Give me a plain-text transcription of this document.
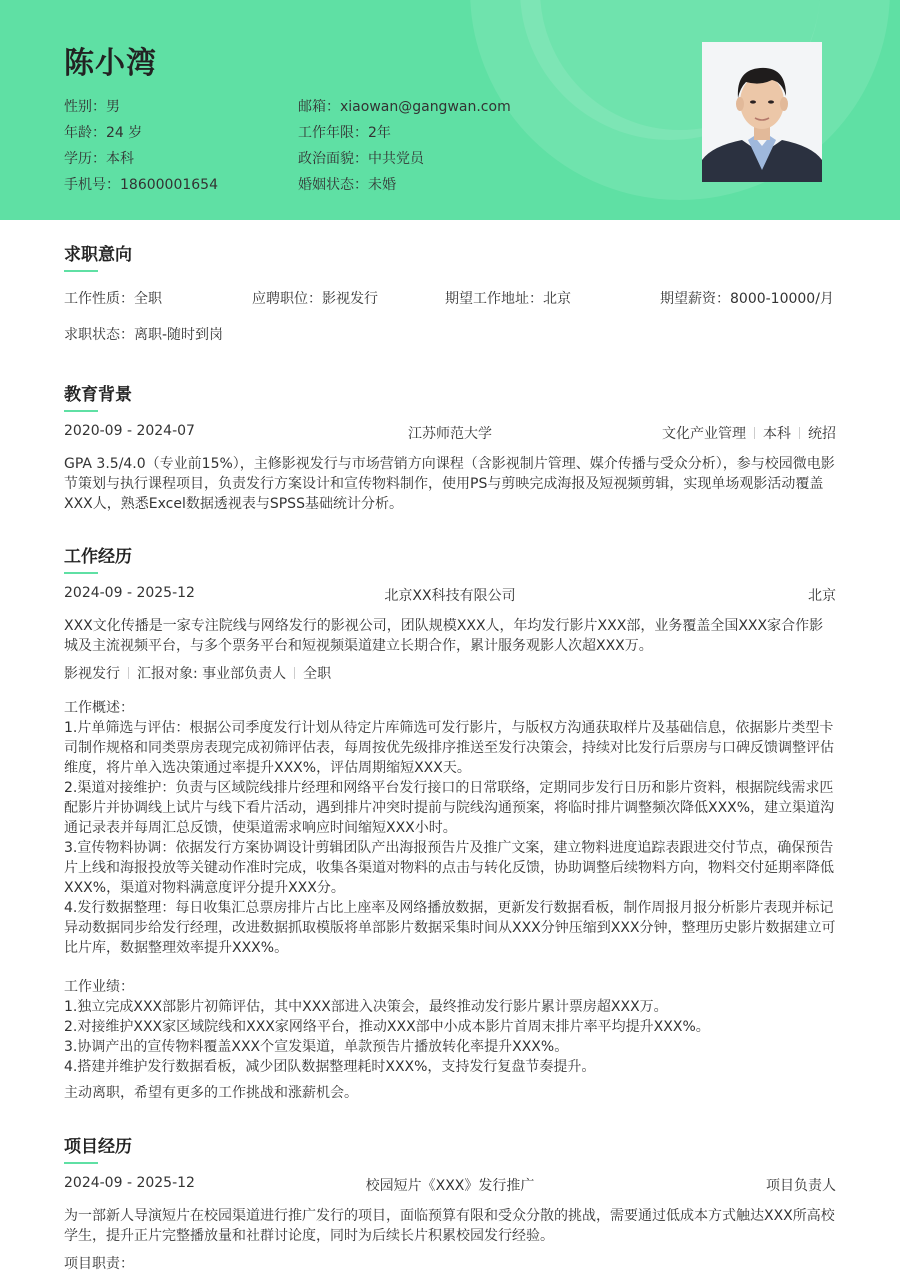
陈小湾
性别 ： 男	邮箱 ： xiaowan@gangwan.com
年龄 ： 24 岁	工作年限 ： 2年
学历 ： 本科	政治面貌 ： 中共党员
手机号 ： 18600001654	婚姻状态 ： 未婚
求职意向
工作性质 ： 全职	应聘职位 ： 影视发行	期望工作地址 ： 北京	期望薪资 ： 8000-10000/月
求职状态 ： 离职-随时到岗
教育背景
2020-09 - 2024-07	江苏师范大学	文化产业管理 本科 统招
GPA 3.5/4.0（专业前15%），主修影视发行与市场营销方向课程（含影视制片管理、媒介传播与受众分析），参与校园微电影节策划与执行课程项目，负责发行方案设计和宣传物料制作，使用PS与剪映完成海报及短视频剪辑，实现单场观影活动覆盖XXX人，熟悉Excel数据透视表与SPSS基础统计分析。
工作经历
2024-09 - 2025-12	北京XX科技有限公司	北京
XXX文化传播是一家专注院线与网络发行的影视公司，团队规模XXX人，年均发行影片XXX部，业务覆盖全国XXX家合作影城及主流视频平台，与多个票务平台和短视频渠道建立长期合作，累计服务观影人次超XXX万。
影视发行 汇报对象: 事业部负责人 全职
工作概述：
1.片单筛选与评估：根据公司季度发行计划从待定片库筛选可发行影片，与版权方沟通获取样片及基础信息，依据影片类型卡司制作规格和同类票房表现完成初筛评估表，每周按优先级排序推送至发行决策会，持续对比发行后票房与口碑反馈调整评估维度，将片单入选决策通过率提升XXX%，评估周期缩短XXX天。
2.渠道对接维护：负责与区域院线排片经理和网络平台发行接口的日常联络，定期同步发行日历和影片资料，根据院线需求匹配影片并协调线上试片与线下看片活动，遇到排片冲突时提前与院线沟通预案，将临时排片调整频次降低XXX%，建立渠道沟通记录表并每周汇总反馈，使渠道需求响应时间缩短XXX小时。
3.宣传物料协调：依据发行方案协调设计剪辑团队产出海报预告片及推广文案，建立物料进度追踪表跟进交付节点，确保预告片上线和海报投放等关键动作准时完成，收集各渠道对物料的点击与转化反馈，协助调整后续物料方向，物料交付延期率降低XXX%，渠道对物料满意度评分提升XXX分。
4.发行数据整理：每日收集汇总票房排片占比上座率及网络播放数据，更新发行数据看板，制作周报月报分析影片表现并标记异动数据同步给发行经理，改进数据抓取模版将单部影片数据采集时间从XXX分钟压缩到XXX分钟，整理历史影片数据建立可比片库，数据整理效率提升XXX%。
工作业绩：
1.独立完成XXX部影片初筛评估，其中XXX部进入决策会，最终推动发行影片累计票房超XXX万。
2.对接维护XXX家区域院线和XXX家网络平台，推动XXX部中小成本影片首周末排片率平均提升XXX%。
3.协调产出的宣传物料覆盖XXX个宣发渠道，单款预告片播放转化率提升XXX%。
4.搭建并维护发行数据看板，减少团队数据整理耗时XXX%，支持发行复盘节奏提升。
主动离职，希望有更多的工作挑战和涨薪机会。
项目经历
2024-09 - 2025-12	校园短片《XXX》发行推广	项目负责人
为一部新人导演短片在校园渠道进行推广发行的项目，面临预算有限和受众分散的挑战，需要通过低成本方式触达XXX所高校学生，提升正片完整播放量和社群讨论度，同时为后续长片积累校园发行经验。
项目职责：
